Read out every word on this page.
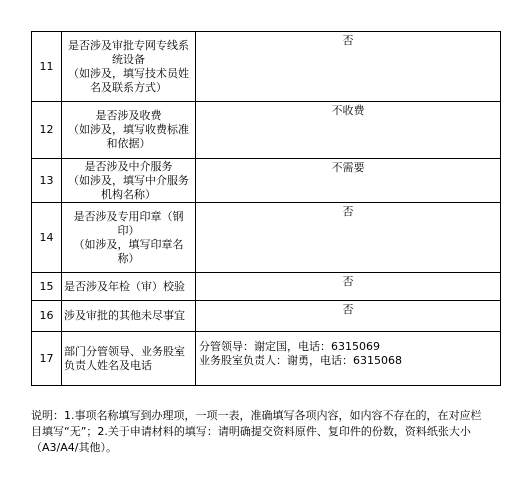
11	是否涉及审批专网专线系
统设备
（如涉及，填写技术员姓
名及联系方式）	否

12	是否涉及收费
（如涉及，填写收费标准
和依据）	不收费

13	是否涉及中介服务
（如涉及，填写中介服务
机构名称）	不需要

14	是否涉及专用印章（钢
印）
（如涉及，填写印章名
称）	否

15	是否涉及年检（审）校验	否

16	涉及审批的其他未尽事宜	否

17	部门分管领导、业务股室
负责人姓名及电话	分管领导：谢定国，电话：6315069
业务股室负责人：谢勇，电话：6315068

说明：1.事项名称填写到办理项，一项一表，准确填写各项内容，如内容不存在的，在对应栏目填写“无”；2.关于申请材料的填写：请明确提交资料原件、复印件的份数，资料纸张大小（A3/A4/其他）。
